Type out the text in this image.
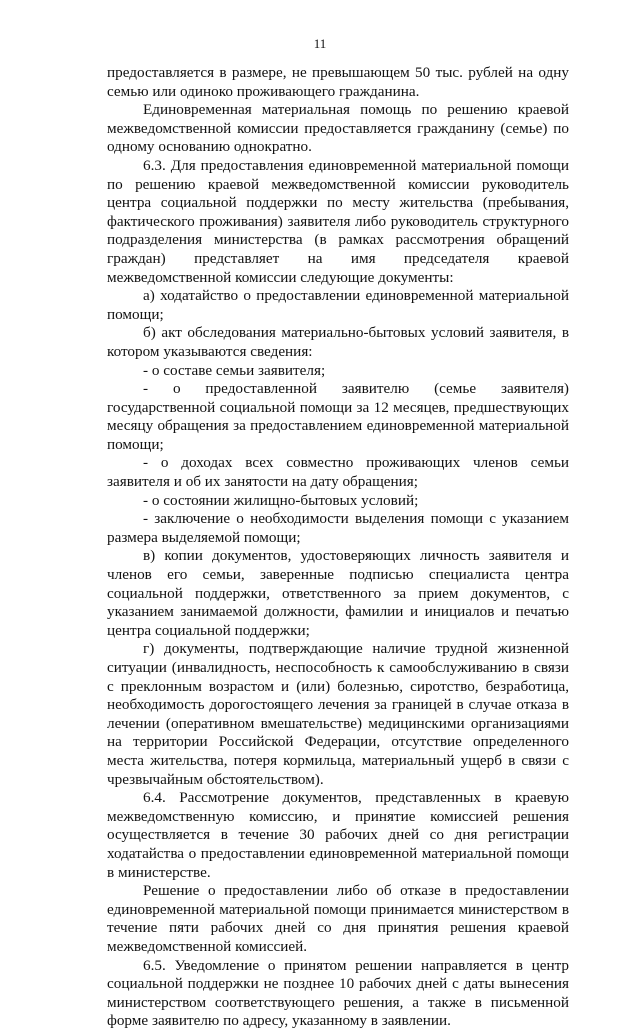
11

предоставляется в размере, не превышающем 50 тыс. рублей на одну семью или одиноко проживающего гражданина.

Единовременная материальная помощь по решению краевой межведомственной комиссии предоставляется гражданину (семье) по одному основанию однократно.

6.3. Для предоставления единовременной материальной помощи по решению краевой межведомственной комиссии руководитель центра социальной поддержки по месту жительства (пребывания, фактического проживания) заявителя либо руководитель структурного подразделения министерства (в рамках рассмотрения обращений граждан) представляет на имя председателя краевой межведомственной комиссии следующие документы:

а) ходатайство о предоставлении единовременной материальной помощи;

б) акт обследования материально-бытовых условий заявителя, в котором указываются сведения:

- о составе семьи заявителя;

- о предоставленной заявителю (семье заявителя) государственной социальной помощи за 12 месяцев, предшествующих месяцу обращения за предоставлением единовременной материальной помощи;

- о доходах всех совместно проживающих членов семьи заявителя и об их занятости на дату обращения;

- о состоянии жилищно-бытовых условий;

- заключение о необходимости выделения помощи с указанием размера выделяемой помощи;

в) копии документов, удостоверяющих личность заявителя и членов его семьи, заверенные подписью специалиста центра социальной поддержки, ответственного за прием документов, с указанием занимаемой должности, фамилии и инициалов и печатью центра социальной поддержки;

г) документы, подтверждающие наличие трудной жизненной ситуации (инвалидность, неспособность к самообслуживанию в связи с преклонным возрастом и (или) болезнью, сиротство, безработица, необходимость дорогостоящего лечения за границей в случае отказа в лечении (оперативном вмешательстве) медицинскими организациями на территории Российской Федерации, отсутствие определенного места жительства, потеря кормильца, материальный ущерб в связи с чрезвычайным обстоятельством).

6.4. Рассмотрение документов, представленных в краевую межведомственную комиссию, и принятие комиссией решения осуществляется в течение 30 рабочих дней со дня регистрации ходатайства о предоставлении единовременной материальной помощи в министерстве.

Решение о предоставлении либо об отказе в предоставлении единовременной материальной помощи принимается министерством в течение пяти рабочих дней со дня принятия решения краевой межведомственной комиссией.

6.5. Уведомление о принятом решении направляется в центр социальной поддержки не позднее 10 рабочих дней с даты вынесения министерством соответствующего решения, а также в письменной форме заявителю по адресу, указанному в заявлении.
